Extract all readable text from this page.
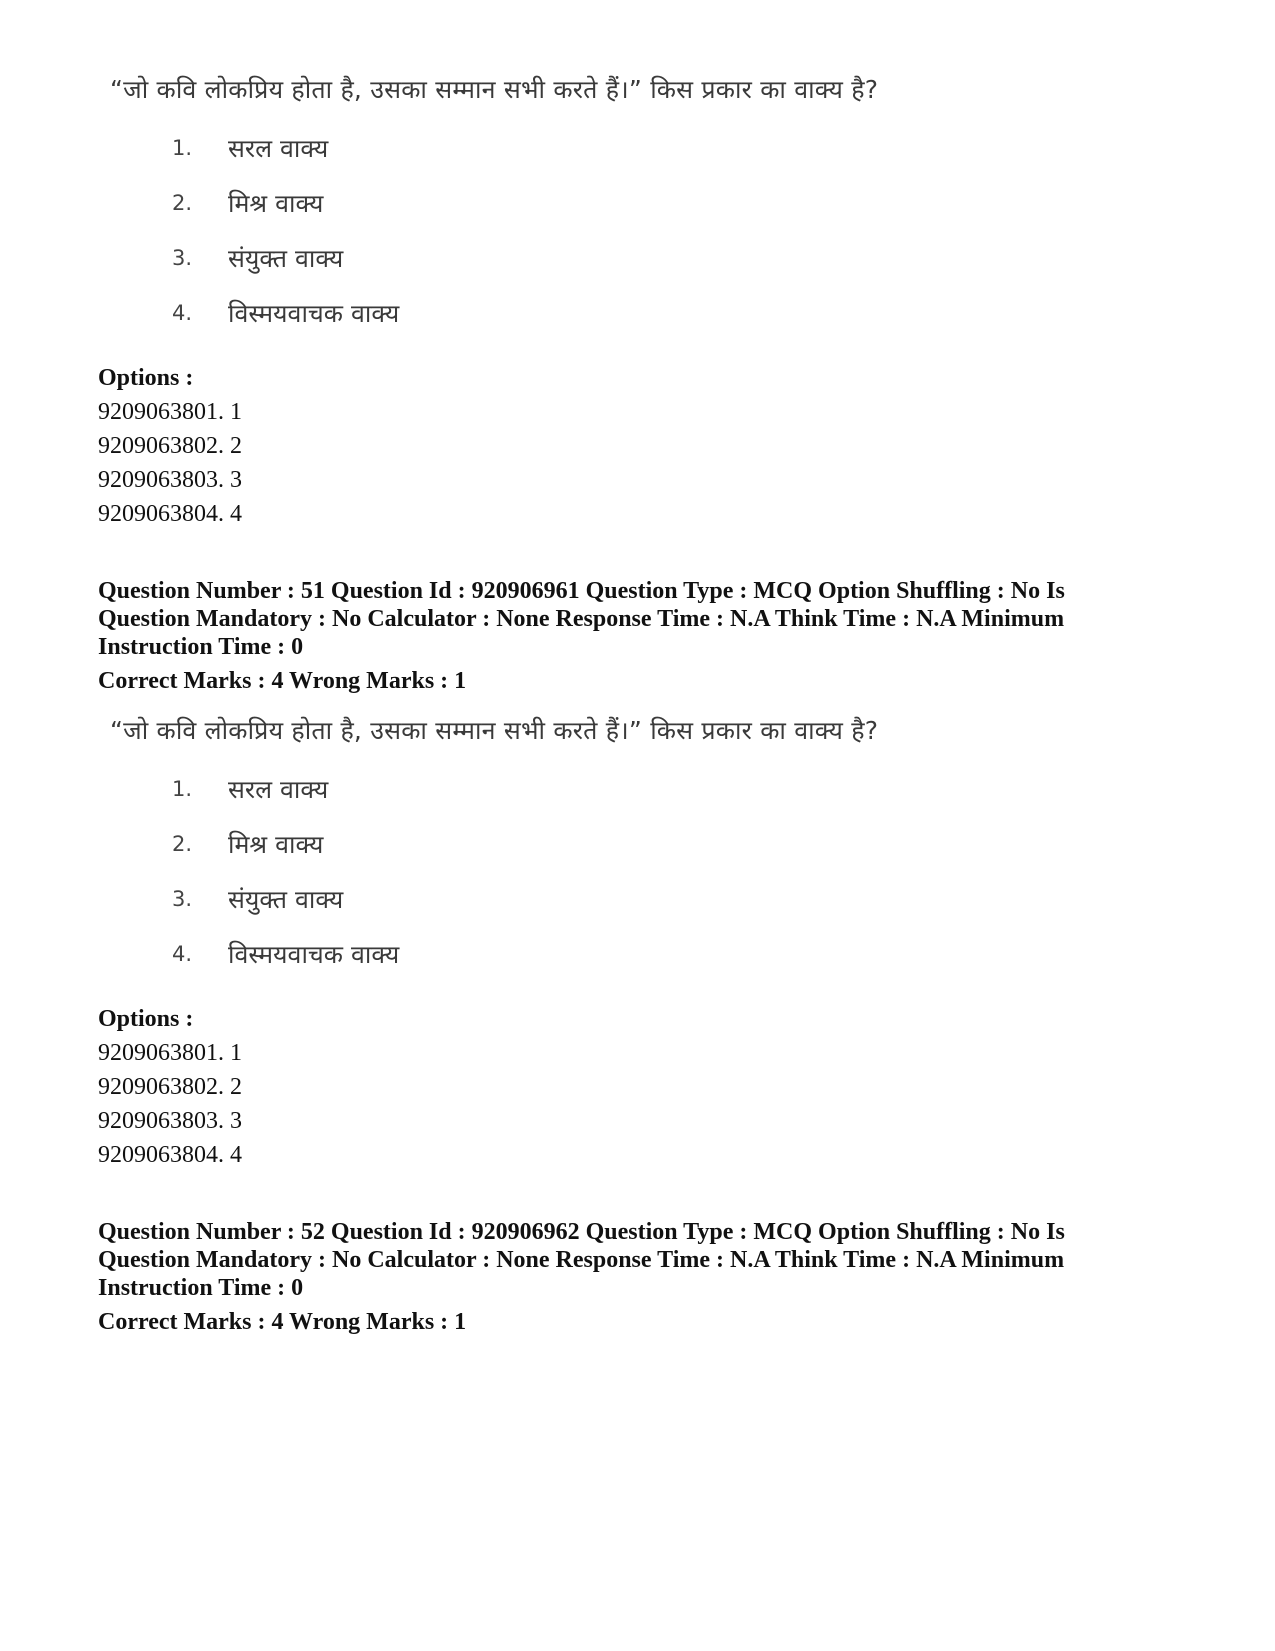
“जो कवि लोकप्रिय होता है, उसका सम्मान सभी करते हैं।” किस प्रकार का वाक्य है?
1.	सरल वाक्य
2.	मिश्र वाक्य
3.	संयुक्त वाक्य
4.	विस्मयवाचक वाक्य
Options :
9209063801. 1
9209063802. 2
9209063803. 3
9209063804. 4
Question Number : 51 Question Id : 920906961 Question Type : MCQ Option Shuffling : No Is
Question Mandatory : No Calculator : None Response Time : N.A Think Time : N.A Minimum
Instruction Time : 0
Correct Marks : 4 Wrong Marks : 1
“जो कवि लोकप्रिय होता है, उसका सम्मान सभी करते हैं।” किस प्रकार का वाक्य है?
1.	सरल वाक्य
2.	मिश्र वाक्य
3.	संयुक्त वाक्य
4.	विस्मयवाचक वाक्य
Options :
9209063801. 1
9209063802. 2
9209063803. 3
9209063804. 4
Question Number : 52 Question Id : 920906962 Question Type : MCQ Option Shuffling : No Is
Question Mandatory : No Calculator : None Response Time : N.A Think Time : N.A Minimum
Instruction Time : 0
Correct Marks : 4 Wrong Marks : 1
